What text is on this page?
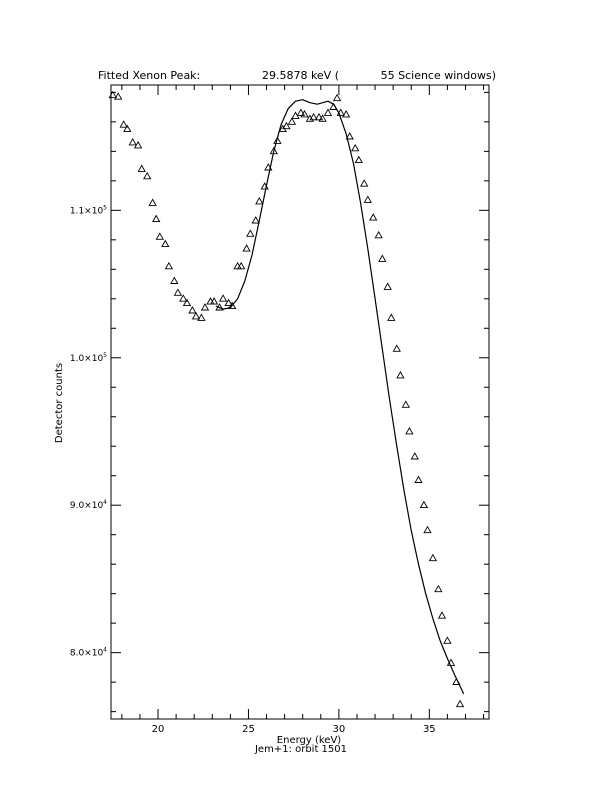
Fitted Xenon Peak:	29.5878 keV (	55 Science windows)
20	25	30	35
$8.0\times 10^4$
$9.0\times 10^4$
$1.0\times 10^5$
$1.1\times 10^5$
Energy (keV)
Jem+1: orbit 1501
Detector counts
